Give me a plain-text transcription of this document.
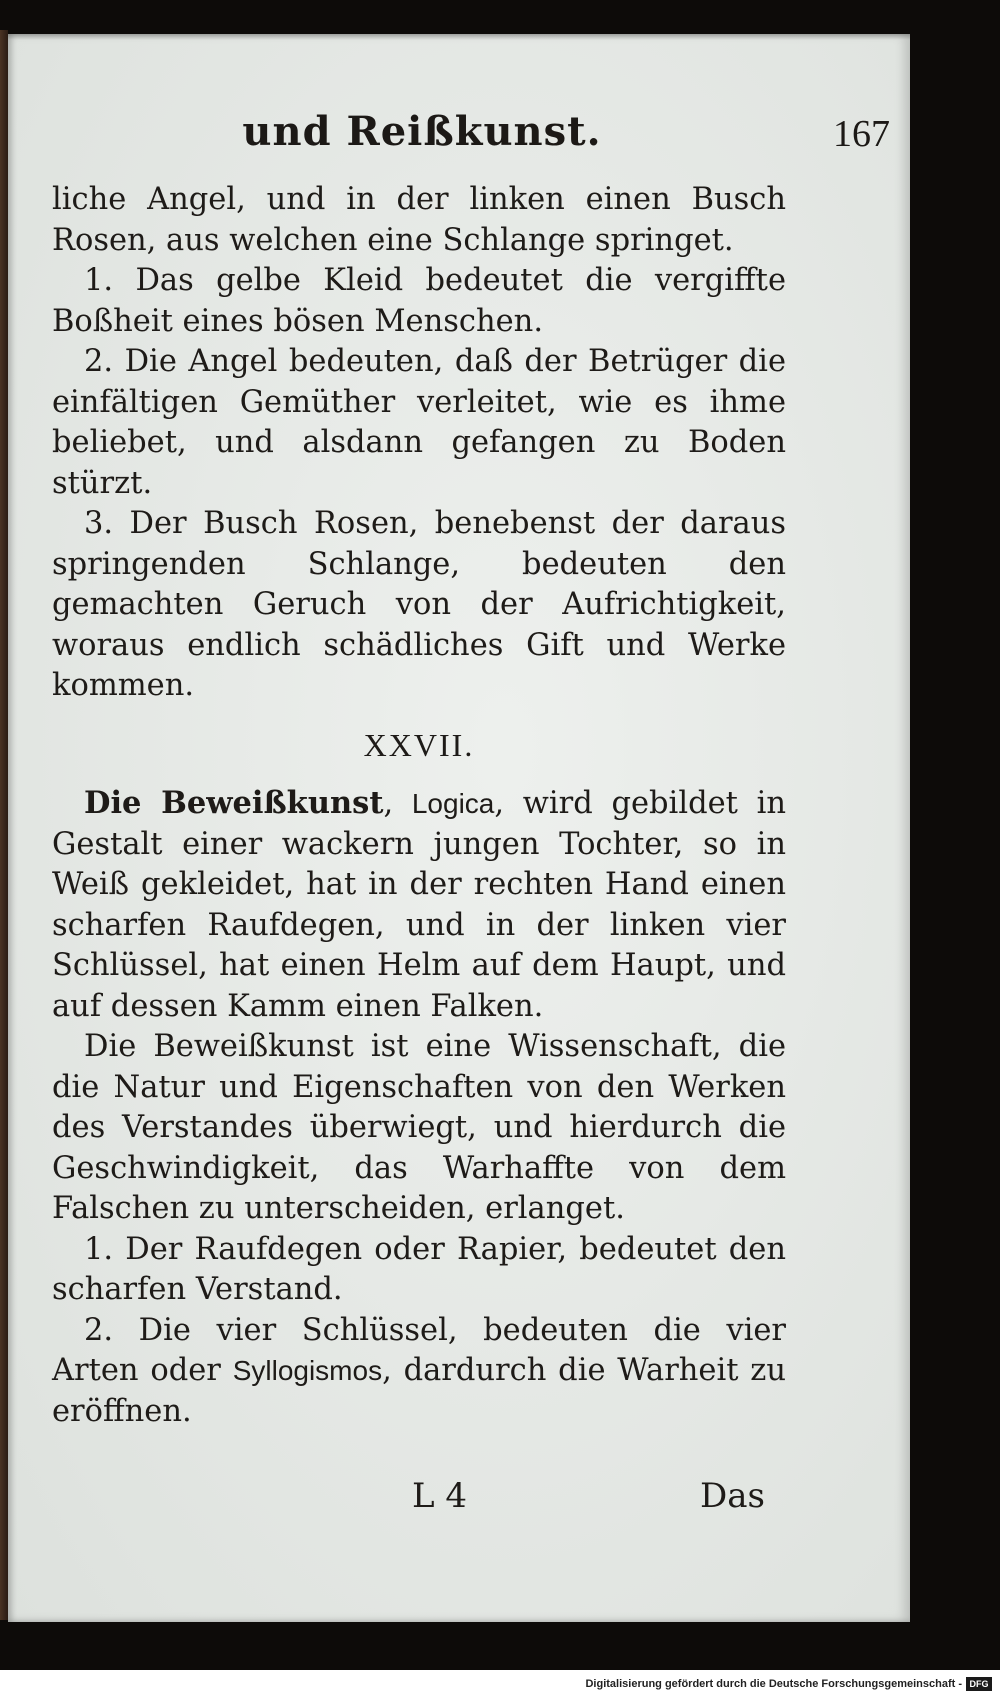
und Reißkunst.	167

liche Angel, und in der linken einen Busch Rosen, aus welchen eine Schlange springet.

1. Das gelbe Kleid bedeutet die vergiffte Boßheit eines bösen Menschen.

2. Die Angel bedeuten, daß der Betrüger die einfältigen Gemüther verleitet, wie es ihme beliebet, und alsdann gefangen zu Boden stürzt.

3. Der Busch Rosen, benebenst der daraus springenden Schlange, bedeuten den gemachten Geruch von der Aufrichtigkeit, woraus endlich schädliches Gift und Werke kommen.

XXVII.

Die Beweißkunst, Logica, wird gebildet in Gestalt einer wackern jungen Tochter, so in Weiß gekleidet, hat in der rechten Hand einen scharfen Raufdegen, und in der linken vier Schlüssel, hat einen Helm auf dem Haupt, und auf dessen Kamm einen Falken.

Die Beweißkunst ist eine Wissenschaft, die die Natur und Eigenschaften von den Werken des Verstandes überwiegt, und hierdurch die Geschwindigkeit, das Warhaffte von dem Falschen zu unterscheiden, erlanget.

1. Der Raufdegen oder Rapier, bedeutet den scharfen Verstand.

2. Die vier Schlüssel, bedeuten die vier Arten oder Syllogismos, dardurch die Warheit zu eröffnen.

L 4	Das
Digitalisierung gefördert durch die Deutsche Forschungsgemeinschaft - DFG
